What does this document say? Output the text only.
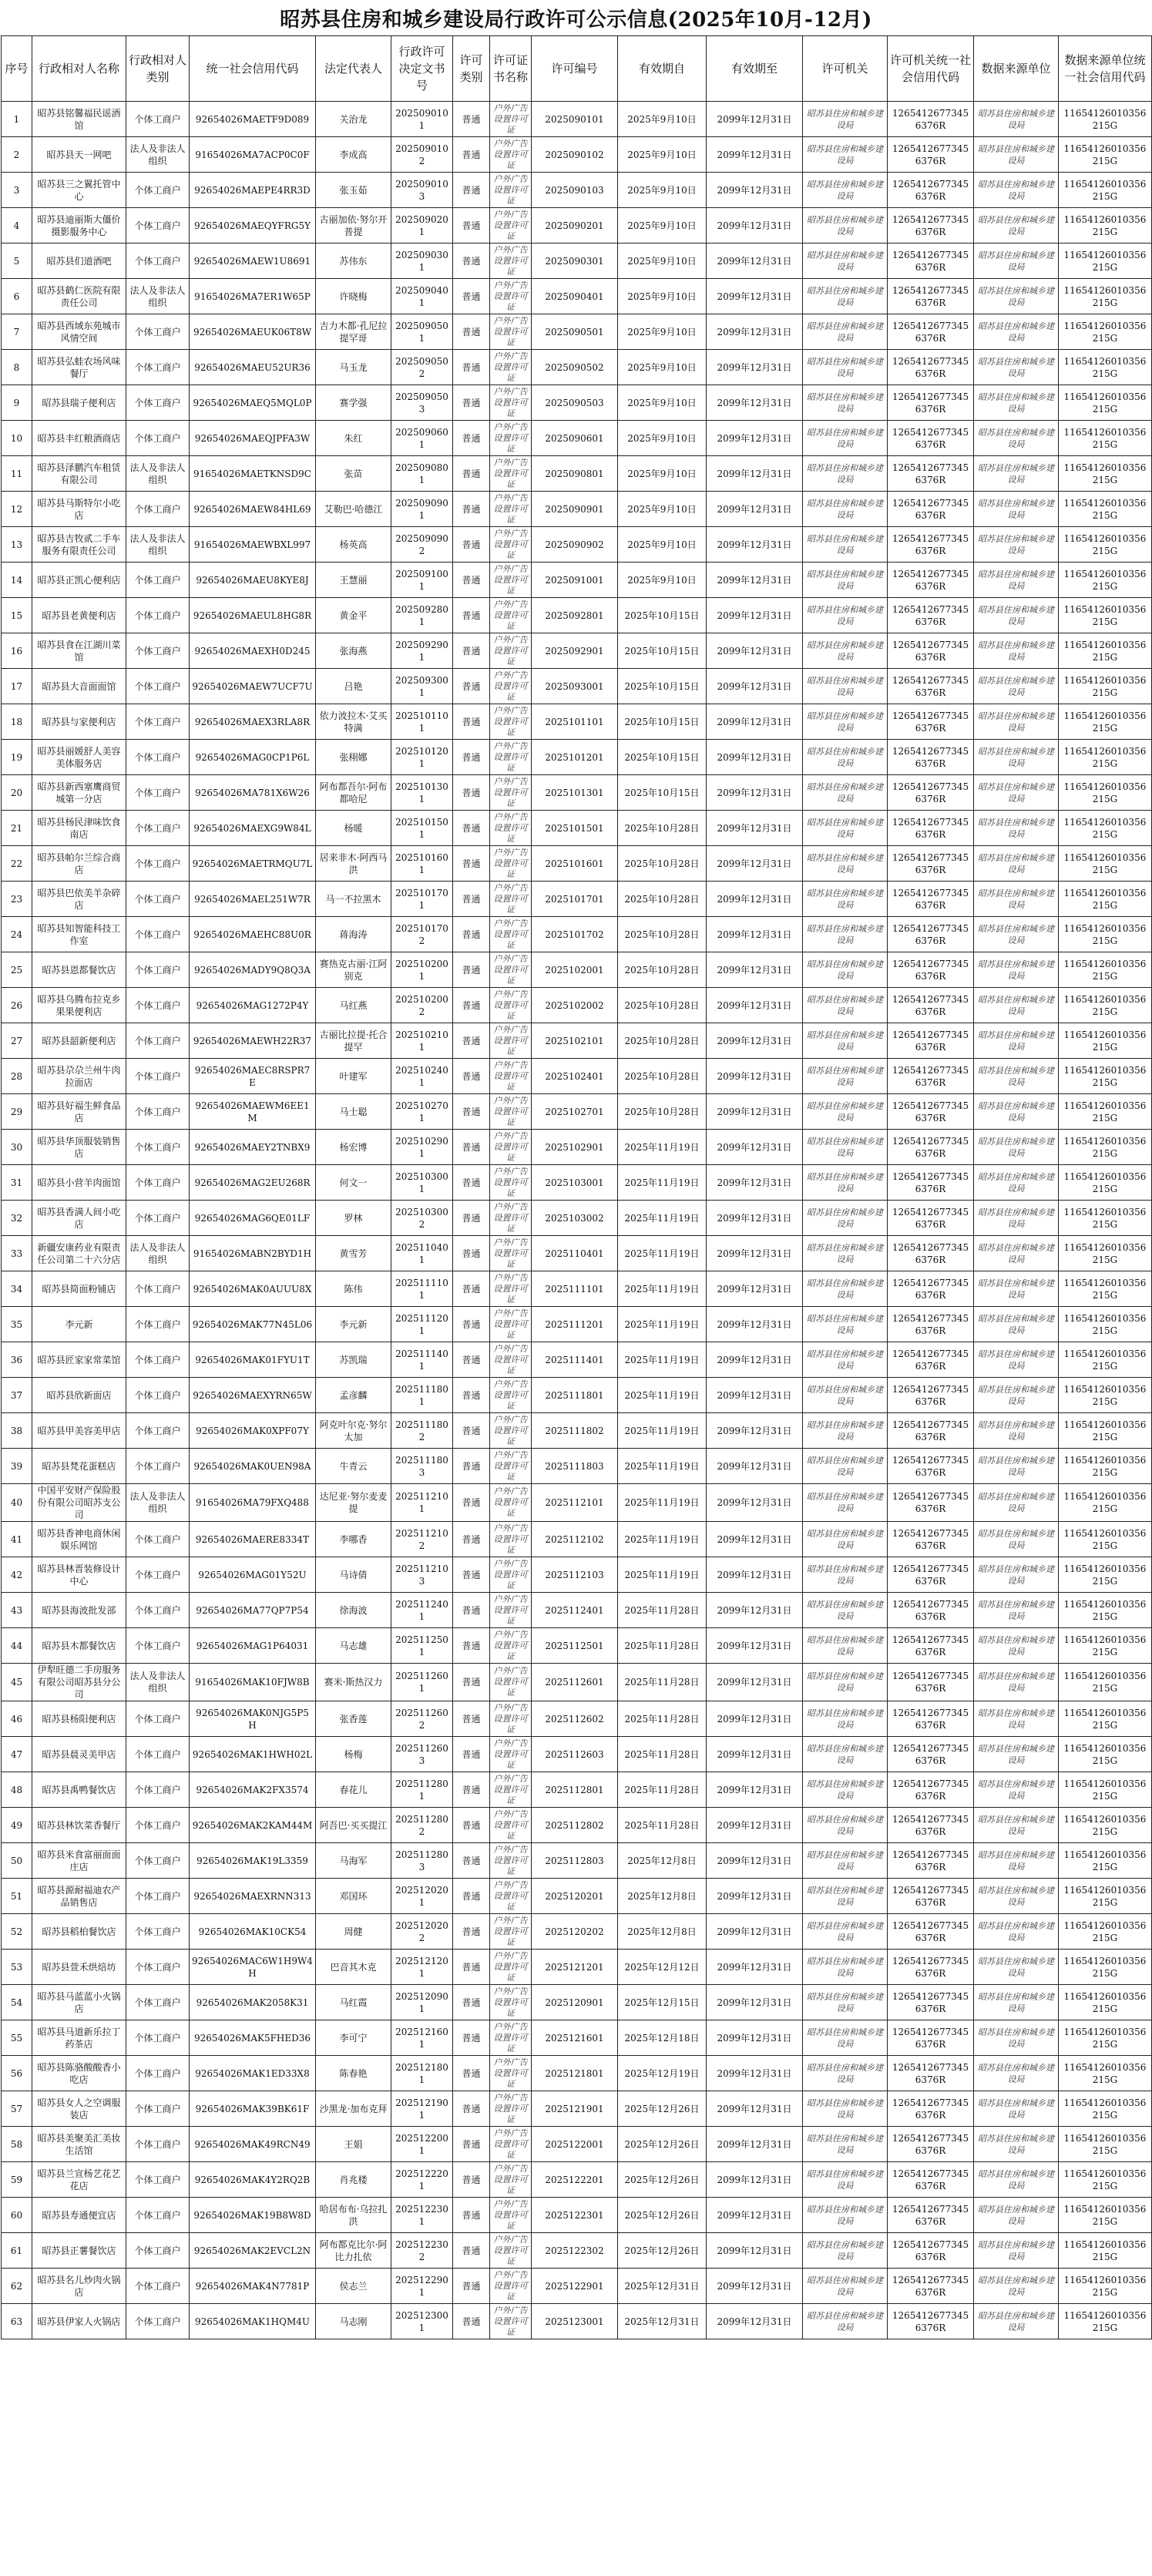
昭苏县住房和城乡建设局行政许可公示信息(2025年10月-12月)
序号	行政相对人名称	行政相对人类别	统一社会信用代码	法定代表人	行政许可决定文书号	许可类别	许可证书名称	许可编号	有效期自	有效期至	许可机关	许可机关统一社会信用代码	数据来源单位	数据来源单位统一社会信用代码
1	昭苏县铭馨福民谣酒馆	个体工商户	92654026MAETF9D089	关治龙	2025090101	普通	户外广告设置许可证	2025090101	2025年9月10日	2099年12月31日	昭苏县住房和城乡建设局	12654126773456376R	昭苏县住房和城乡建设局	11654126010356215G
2	昭苏县天一网吧	法人及非法人组织	91654026MA7ACP0C0F	李成高	2025090102	普通	户外广告设置许可证	2025090102	2025年9月10日	2099年12月31日	昭苏县住房和城乡建设局	12654126773456376R	昭苏县住房和城乡建设局	11654126010356215G
3	昭苏县三之翼托管中心	个体工商户	92654026MAEPE4RR3D	张玉茹	2025090103	普通	户外广告设置许可证	2025090103	2025年9月10日	2099年12月31日	昭苏县住房和城乡建设局	12654126773456376R	昭苏县住房和城乡建设局	11654126010356215G
4	昭苏县迪丽斯大僵价摄影服务中心	个体工商户	92654026MAEQYFRG5Y	古丽加依·努尔开普提	2025090201	普通	户外广告设置许可证	2025090201	2025年9月10日	2099年12月31日	昭苏县住房和城乡建设局	12654126773456376R	昭苏县住房和城乡建设局	11654126010356215G
5	昭苏县们道酒吧	个体工商户	92654026MAEW1U8691	苏伟东	2025090301	普通	户外广告设置许可证	2025090301	2025年9月10日	2099年12月31日	昭苏县住房和城乡建设局	12654126773456376R	昭苏县住房和城乡建设局	11654126010356215G
6	昭苏县鹤仁医院有限责任公司	法人及非法人组织	91654026MA7ER1W65P	许晓梅	2025090401	普通	户外广告设置许可证	2025090401	2025年9月10日	2099年12月31日	昭苏县住房和城乡建设局	12654126773456376R	昭苏县住房和城乡建设局	11654126010356215G
7	昭苏县西域东苑城市风情空间	个体工商户	92654026MAEUK06T8W	吉力木都·孔尼拉提罕哥	2025090501	普通	户外广告设置许可证	2025090501	2025年9月10日	2099年12月31日	昭苏县住房和城乡建设局	12654126773456376R	昭苏县住房和城乡建设局	11654126010356215G
8	昭苏县弘蛙农场风味餐厅	个体工商户	92654026MAEU52UR36	马玉龙	2025090502	普通	户外广告设置许可证	2025090502	2025年9月10日	2099年12月31日	昭苏县住房和城乡建设局	12654126773456376R	昭苏县住房和城乡建设局	11654126010356215G
9	昭苏县瑞子便利店	个体工商户	92654026MAEQ5MQL0P	赛学强	2025090503	普通	户外广告设置许可证	2025090503	2025年9月10日	2099年12月31日	昭苏县住房和城乡建设局	12654126773456376R	昭苏县住房和城乡建设局	11654126010356215G
10	昭苏县丰红粮酒商店	个体工商户	92654026MAEQJPFA3W	朱红	2025090601	普通	户外广告设置许可证	2025090601	2025年9月10日	2099年12月31日	昭苏县住房和城乡建设局	12654126773456376R	昭苏县住房和城乡建设局	11654126010356215G
11	昭苏县泽鹏汽车租赁有限公司	法人及非法人组织	91654026MAETKNSD9C	张苗	2025090801	普通	户外广告设置许可证	2025090801	2025年9月10日	2099年12月31日	昭苏县住房和城乡建设局	12654126773456376R	昭苏县住房和城乡建设局	11654126010356215G
12	昭苏县马斯特尔小吃店	个体工商户	92654026MAEW84HL69	艾勒巴·哈德江	2025090901	普通	户外广告设置许可证	2025090901	2025年9月10日	2099年12月31日	昭苏县住房和城乡建设局	12654126773456376R	昭苏县住房和城乡建设局	11654126010356215G
13	昭苏县吉牧贰二手车服务有限责任公司	法人及非法人组织	91654026MAEWBXL997	杨英高	2025090902	普通	户外广告设置许可证	2025090902	2025年9月10日	2099年12月31日	昭苏县住房和城乡建设局	12654126773456376R	昭苏县住房和城乡建设局	11654126010356215G
14	昭苏县正凯心便利店	个体工商户	92654026MAEU8KYE8J	王慧丽	2025091001	普通	户外广告设置许可证	2025091001	2025年9月10日	2099年12月31日	昭苏县住房和城乡建设局	12654126773456376R	昭苏县住房和城乡建设局	11654126010356215G
15	昭苏县老黄便利店	个体工商户	92654026MAEUL8HG8R	黄金平	2025092801	普通	户外广告设置许可证	2025092801	2025年10月15日	2099年12月31日	昭苏县住房和城乡建设局	12654126773456376R	昭苏县住房和城乡建设局	11654126010356215G
16	昭苏县食在江湖川菜馆	个体工商户	92654026MAEXH0D245	张海燕	2025092901	普通	户外广告设置许可证	2025092901	2025年10月15日	2099年12月31日	昭苏县住房和城乡建设局	12654126773456376R	昭苏县住房和城乡建设局	11654126010356215G
17	昭苏县大音面面馆	个体工商户	92654026MAEW7UCF7U	吕艳	2025093001	普通	户外广告设置许可证	2025093001	2025年10月15日	2099年12月31日	昭苏县住房和城乡建设局	12654126773456376R	昭苏县住房和城乡建设局	11654126010356215G
18	昭苏县与家便利店	个体工商户	92654026MAEX3RLA8R	依力波拉木·艾买特满	2025101101	普通	户外广告设置许可证	2025101101	2025年10月15日	2099年12月31日	昭苏县住房和城乡建设局	12654126773456376R	昭苏县住房和城乡建设局	11654126010356215G
19	昭苏县丽媛舒人美容美体服务店	个体工商户	92654026MAG0CP1P6L	张栩娜	2025101201	普通	户外广告设置许可证	2025101201	2025年10月15日	2099年12月31日	昭苏县住房和城乡建设局	12654126773456376R	昭苏县住房和城乡建设局	11654126010356215G
20	昭苏县新西塞鹰商贸城第一分店	个体工商户	92654026MA781X6W26	阿布都吾尔·阿布都哈尼	2025101301	普通	户外广告设置许可证	2025101301	2025年10月15日	2099年12月31日	昭苏县住房和城乡建设局	12654126773456376R	昭苏县住房和城乡建设局	11654126010356215G
21	昭苏县杨民津味饮食南店	个体工商户	92654026MAEXG9W84L	杨暖	2025101501	普通	户外广告设置许可证	2025101501	2025年10月28日	2099年12月31日	昭苏县住房和城乡建设局	12654126773456376R	昭苏县住房和城乡建设局	11654126010356215G
22	昭苏县帕尔兰综合商店	个体工商户	92654026MAETRMQU7L	居来非木·阿西马洪	2025101601	普通	户外广告设置许可证	2025101601	2025年10月28日	2099年12月31日	昭苏县住房和城乡建设局	12654126773456376R	昭苏县住房和城乡建设局	11654126010356215G
23	昭苏县巴依美羊杂碎店	个体工商户	92654026MAEL251W7R	马一不拉黑木	2025101701	普通	户外广告设置许可证	2025101701	2025年10月28日	2099年12月31日	昭苏县住房和城乡建设局	12654126773456376R	昭苏县住房和城乡建设局	11654126010356215G
24	昭苏县知智能科技工作室	个体工商户	92654026MAEHC88U0R	蒋海涛	2025101702	普通	户外广告设置许可证	2025101702	2025年10月28日	2099年12月31日	昭苏县住房和城乡建设局	12654126773456376R	昭苏县住房和城乡建设局	11654126010356215G
25	昭苏县恩都餐饮店	个体工商户	92654026MADY9Q8Q3A	赛热克古丽·江阿别克	2025102001	普通	户外广告设置许可证	2025102001	2025年10月28日	2099年12月31日	昭苏县住房和城乡建设局	12654126773456376R	昭苏县住房和城乡建设局	11654126010356215G
26	昭苏县乌腾布拉克乡果果便利店	个体工商户	92654026MAG1272P4Y	马红燕	2025102002	普通	户外广告设置许可证	2025102002	2025年10月28日	2099年12月31日	昭苏县住房和城乡建设局	12654126773456376R	昭苏县住房和城乡建设局	11654126010356215G
27	昭苏县韶新便利店	个体工商户	92654026MAEWH22R37	古丽比拉提·托合提罕	2025102101	普通	户外广告设置许可证	2025102101	2025年10月28日	2099年12月31日	昭苏县住房和城乡建设局	12654126773456376R	昭苏县住房和城乡建设局	11654126010356215G
28	昭苏县尕尕兰州牛肉拉面店	个体工商户	92654026MAEC8RSPR7E	叶建军	2025102401	普通	户外广告设置许可证	2025102401	2025年10月28日	2099年12月31日	昭苏县住房和城乡建设局	12654126773456376R	昭苏县住房和城乡建设局	11654126010356215G
29	昭苏县好福生鲜食品店	个体工商户	92654026MAEWM6EE1M	马士聪	2025102701	普通	户外广告设置许可证	2025102701	2025年10月28日	2099年12月31日	昭苏县住房和城乡建设局	12654126773456376R	昭苏县住房和城乡建设局	11654126010356215G
30	昭苏县华顶服装销售店	个体工商户	92654026MAEY2TNBX9	杨宏博	2025102901	普通	户外广告设置许可证	2025102901	2025年11月19日	2099年12月31日	昭苏县住房和城乡建设局	12654126773456376R	昭苏县住房和城乡建设局	11654126010356215G
31	昭苏县小营羊肉面馆	个体工商户	92654026MAG2EU268R	何文一	2025103001	普通	户外广告设置许可证	2025103001	2025年11月19日	2099年12月31日	昭苏县住房和城乡建设局	12654126773456376R	昭苏县住房和城乡建设局	11654126010356215G
32	昭苏县香满人间小吃店	个体工商户	92654026MAG6QE01LF	罗林	2025103002	普通	户外广告设置许可证	2025103002	2025年11月19日	2099年12月31日	昭苏县住房和城乡建设局	12654126773456376R	昭苏县住房和城乡建设局	11654126010356215G
33	新疆安康药业有限责任公司第二十六分店	法人及非法人组织	91654026MABN2BYD1H	黄雪芳	2025110401	普通	户外广告设置许可证	2025110401	2025年11月19日	2099年12月31日	昭苏县住房和城乡建设局	12654126773456376R	昭苏县住房和城乡建设局	11654126010356215G
34	昭苏县简面粉铺店	个体工商户	92654026MAK0AUUU8X	陈伟	2025111101	普通	户外广告设置许可证	2025111101	2025年11月19日	2099年12月31日	昭苏县住房和城乡建设局	12654126773456376R	昭苏县住房和城乡建设局	11654126010356215G
35	李元新	个体工商户	92654026MAK77N45L06	李元新	2025111201	普通	户外广告设置许可证	2025111201	2025年11月19日	2099年12月31日	昭苏县住房和城乡建设局	12654126773456376R	昭苏县住房和城乡建设局	11654126010356215G
36	昭苏县匠家家常菜馆	个体工商户	92654026MAK01FYU1T	苏凯瑞	2025111401	普通	户外广告设置许可证	2025111401	2025年11月19日	2099年12月31日	昭苏县住房和城乡建设局	12654126773456376R	昭苏县住房和城乡建设局	11654126010356215G
37	昭苏县欣新面店	个体工商户	92654026MAEXYRN65W	孟彦麟	2025111801	普通	户外广告设置许可证	2025111801	2025年11月19日	2099年12月31日	昭苏县住房和城乡建设局	12654126773456376R	昭苏县住房和城乡建设局	11654126010356215G
38	昭苏县甲美容美甲店	个体工商户	92654026MAK0XPF07Y	阿克叶尔克·努尔太加	2025111802	普通	户外广告设置许可证	2025111802	2025年11月19日	2099年12月31日	昭苏县住房和城乡建设局	12654126773456376R	昭苏县住房和城乡建设局	11654126010356215G
39	昭苏县梵花蛋糕店	个体工商户	92654026MAK0UEN98A	牛青云	2025111803	普通	户外广告设置许可证	2025111803	2025年11月19日	2099年12月31日	昭苏县住房和城乡建设局	12654126773456376R	昭苏县住房和城乡建设局	11654126010356215G
40	中国平安财产保险股份有限公司昭苏支公司	法人及非法人组织	91654026MA79FXQ488	达尼亚·努尔麦麦提	2025112101	普通	户外广告设置许可证	2025112101	2025年11月19日	2099年12月31日	昭苏县住房和城乡建设局	12654126773456376R	昭苏县住房和城乡建设局	11654126010356215G
41	昭苏县香神电商休闲娱乐网馆	个体工商户	92654026MAERE8334T	李哪香	2025112102	普通	户外广告设置许可证	2025112102	2025年11月19日	2099年12月31日	昭苏县住房和城乡建设局	12654126773456376R	昭苏县住房和城乡建设局	11654126010356215G
42	昭苏县林晋装修设计中心	个体工商户	92654026MAG01Y52U	马诗倩	2025112103	普通	户外广告设置许可证	2025112103	2025年11月19日	2099年12月31日	昭苏县住房和城乡建设局	12654126773456376R	昭苏县住房和城乡建设局	11654126010356215G
43	昭苏县海波批发部	个体工商户	92654026MA77QP7P54	徐海波	2025112401	普通	户外广告设置许可证	2025112401	2025年11月28日	2099年12月31日	昭苏县住房和城乡建设局	12654126773456376R	昭苏县住房和城乡建设局	11654126010356215G
44	昭苏县木都餐饮店	个体工商户	92654026MAG1P64031	马志雄	2025112501	普通	户外广告设置许可证	2025112501	2025年11月28日	2099年12月31日	昭苏县住房和城乡建设局	12654126773456376R	昭苏县住房和城乡建设局	11654126010356215G
45	伊犁旺德二手房服务有限公司昭苏县分公司	法人及非法人组织	91654026MAK10FJW8B	赛米·斯热汉力	2025112601	普通	户外广告设置许可证	2025112601	2025年11月28日	2099年12月31日	昭苏县住房和城乡建设局	12654126773456376R	昭苏县住房和城乡建设局	11654126010356215G
46	昭苏县杨阳便利店	个体工商户	92654026MAK0NJG5P5H	张香莲	2025112602	普通	户外广告设置许可证	2025112602	2025年11月28日	2099年12月31日	昭苏县住房和城乡建设局	12654126773456376R	昭苏县住房和城乡建设局	11654126010356215G
47	昭苏县晨灵美甲店	个体工商户	92654026MAK1HWH02L	杨梅	2025112603	普通	户外广告设置许可证	2025112603	2025年11月28日	2099年12月31日	昭苏县住房和城乡建设局	12654126773456376R	昭苏县住房和城乡建设局	11654126010356215G
48	昭苏县禹鸭餐饮店	个体工商户	92654026MAK2FX3574	春花儿	2025112801	普通	户外广告设置许可证	2025112801	2025年11月28日	2099年12月31日	昭苏县住房和城乡建设局	12654126773456376R	昭苏县住房和城乡建设局	11654126010356215G
49	昭苏县林饮菜香餐厅	个体工商户	92654026MAK2KAM44M	阿吾巴·买买提江	2025112802	普通	户外广告设置许可证	2025112802	2025年11月28日	2099年12月31日	昭苏县住房和城乡建设局	12654126773456376R	昭苏县住房和城乡建设局	11654126010356215G
50	昭苏县米食富丽面面庄店	个体工商户	92654026MAK19L3359	马海军	2025112803	普通	户外广告设置许可证	2025112803	2025年12月8日	2099年12月31日	昭苏县住房和城乡建设局	12654126773456376R	昭苏县住房和城乡建设局	11654126010356215G
51	昭苏县源耐福迪农产品销售店	个体工商户	92654026MAEXRNN313	邓国环	2025120201	普通	户外广告设置许可证	2025120201	2025年12月8日	2099年12月31日	昭苏县住房和城乡建设局	12654126773456376R	昭苏县住房和城乡建设局	11654126010356215G
52	昭苏县稻柏餐饮店	个体工商户	92654026MAK10CK54	周健	2025120202	普通	户外广告设置许可证	2025120202	2025年12月8日	2099年12月31日	昭苏县住房和城乡建设局	12654126773456376R	昭苏县住房和城乡建设局	11654126010356215G
53	昭苏县萱禾烘焙坊	个体工商户	92654026MAC6W1H9W4H	巴音其木克	2025121201	普通	户外广告设置许可证	2025121201	2025年12月12日	2099年12月31日	昭苏县住房和城乡建设局	12654126773456376R	昭苏县住房和城乡建设局	11654126010356215G
54	昭苏县马蓝蓝小火锅店	个体工商户	92654026MAK2058K31	马红霞	2025120901	普通	户外广告设置许可证	2025120901	2025年12月15日	2099年12月31日	昭苏县住房和城乡建设局	12654126773456376R	昭苏县住房和城乡建设局	11654126010356215G
55	昭苏县马道新乐拉丁药茶店	个体工商户	92654026MAK5FHED36	李可宁	2025121601	普通	户外广告设置许可证	2025121601	2025年12月18日	2099年12月31日	昭苏县住房和城乡建设局	12654126773456376R	昭苏县住房和城乡建设局	11654126010356215G
56	昭苏县陈骆酸酸香小吃店	个体工商户	92654026MAK1ED33X8	陈春艳	2025121801	普通	户外广告设置许可证	2025121801	2025年12月19日	2099年12月31日	昭苏县住房和城乡建设局	12654126773456376R	昭苏县住房和城乡建设局	11654126010356215G
57	昭苏县女人之空调服装店	个体工商户	92654026MAK39BK61F	沙黑龙·加布克拜	2025121901	普通	户外广告设置许可证	2025121901	2025年12月26日	2099年12月31日	昭苏县住房和城乡建设局	12654126773456376R	昭苏县住房和城乡建设局	11654126010356215G
58	昭苏县美聚美汇美妆生活馆	个体工商户	92654026MAK49RCN49	王娟	2025122001	普通	户外广告设置许可证	2025122001	2025年12月26日	2099年12月31日	昭苏县住房和城乡建设局	12654126773456376R	昭苏县住房和城乡建设局	11654126010356215G
59	昭苏县兰宣杨艺花艺花店	个体工商户	92654026MAK4Y2RQ2B	肖兆楼	2025122201	普通	户外广告设置许可证	2025122201	2025年12月26日	2099年12月31日	昭苏县住房和城乡建设局	12654126773456376R	昭苏县住房和城乡建设局	11654126010356215G
60	昭苏县寿通便宜店	个体工商户	92654026MAK19B8W8D	哈居布布·乌拉扎洪	2025122301	普通	户外广告设置许可证	2025122301	2025年12月26日	2099年12月31日	昭苏县住房和城乡建设局	12654126773456376R	昭苏县住房和城乡建设局	11654126010356215G
61	昭苏县正薯餐饮店	个体工商户	92654026MAK2EVCL2N	阿布都克比尔·阿比力扎依	2025122302	普通	户外广告设置许可证	2025122302	2025年12月26日	2099年12月31日	昭苏县住房和城乡建设局	12654126773456376R	昭苏县住房和城乡建设局	11654126010356215G
62	昭苏县名儿炒肉火锅店	个体工商户	92654026MAK4N7781P	侯志兰	2025122901	普通	户外广告设置许可证	2025122901	2025年12月31日	2099年12月31日	昭苏县住房和城乡建设局	12654126773456376R	昭苏县住房和城乡建设局	11654126010356215G
63	昭苏县伊家人火锅店	个体工商户	92654026MAK1HQM4U	马志刚	2025123001	普通	户外广告设置许可证	2025123001	2025年12月31日	2099年12月31日	昭苏县住房和城乡建设局	12654126773456376R	昭苏县住房和城乡建设局	11654126010356215G
